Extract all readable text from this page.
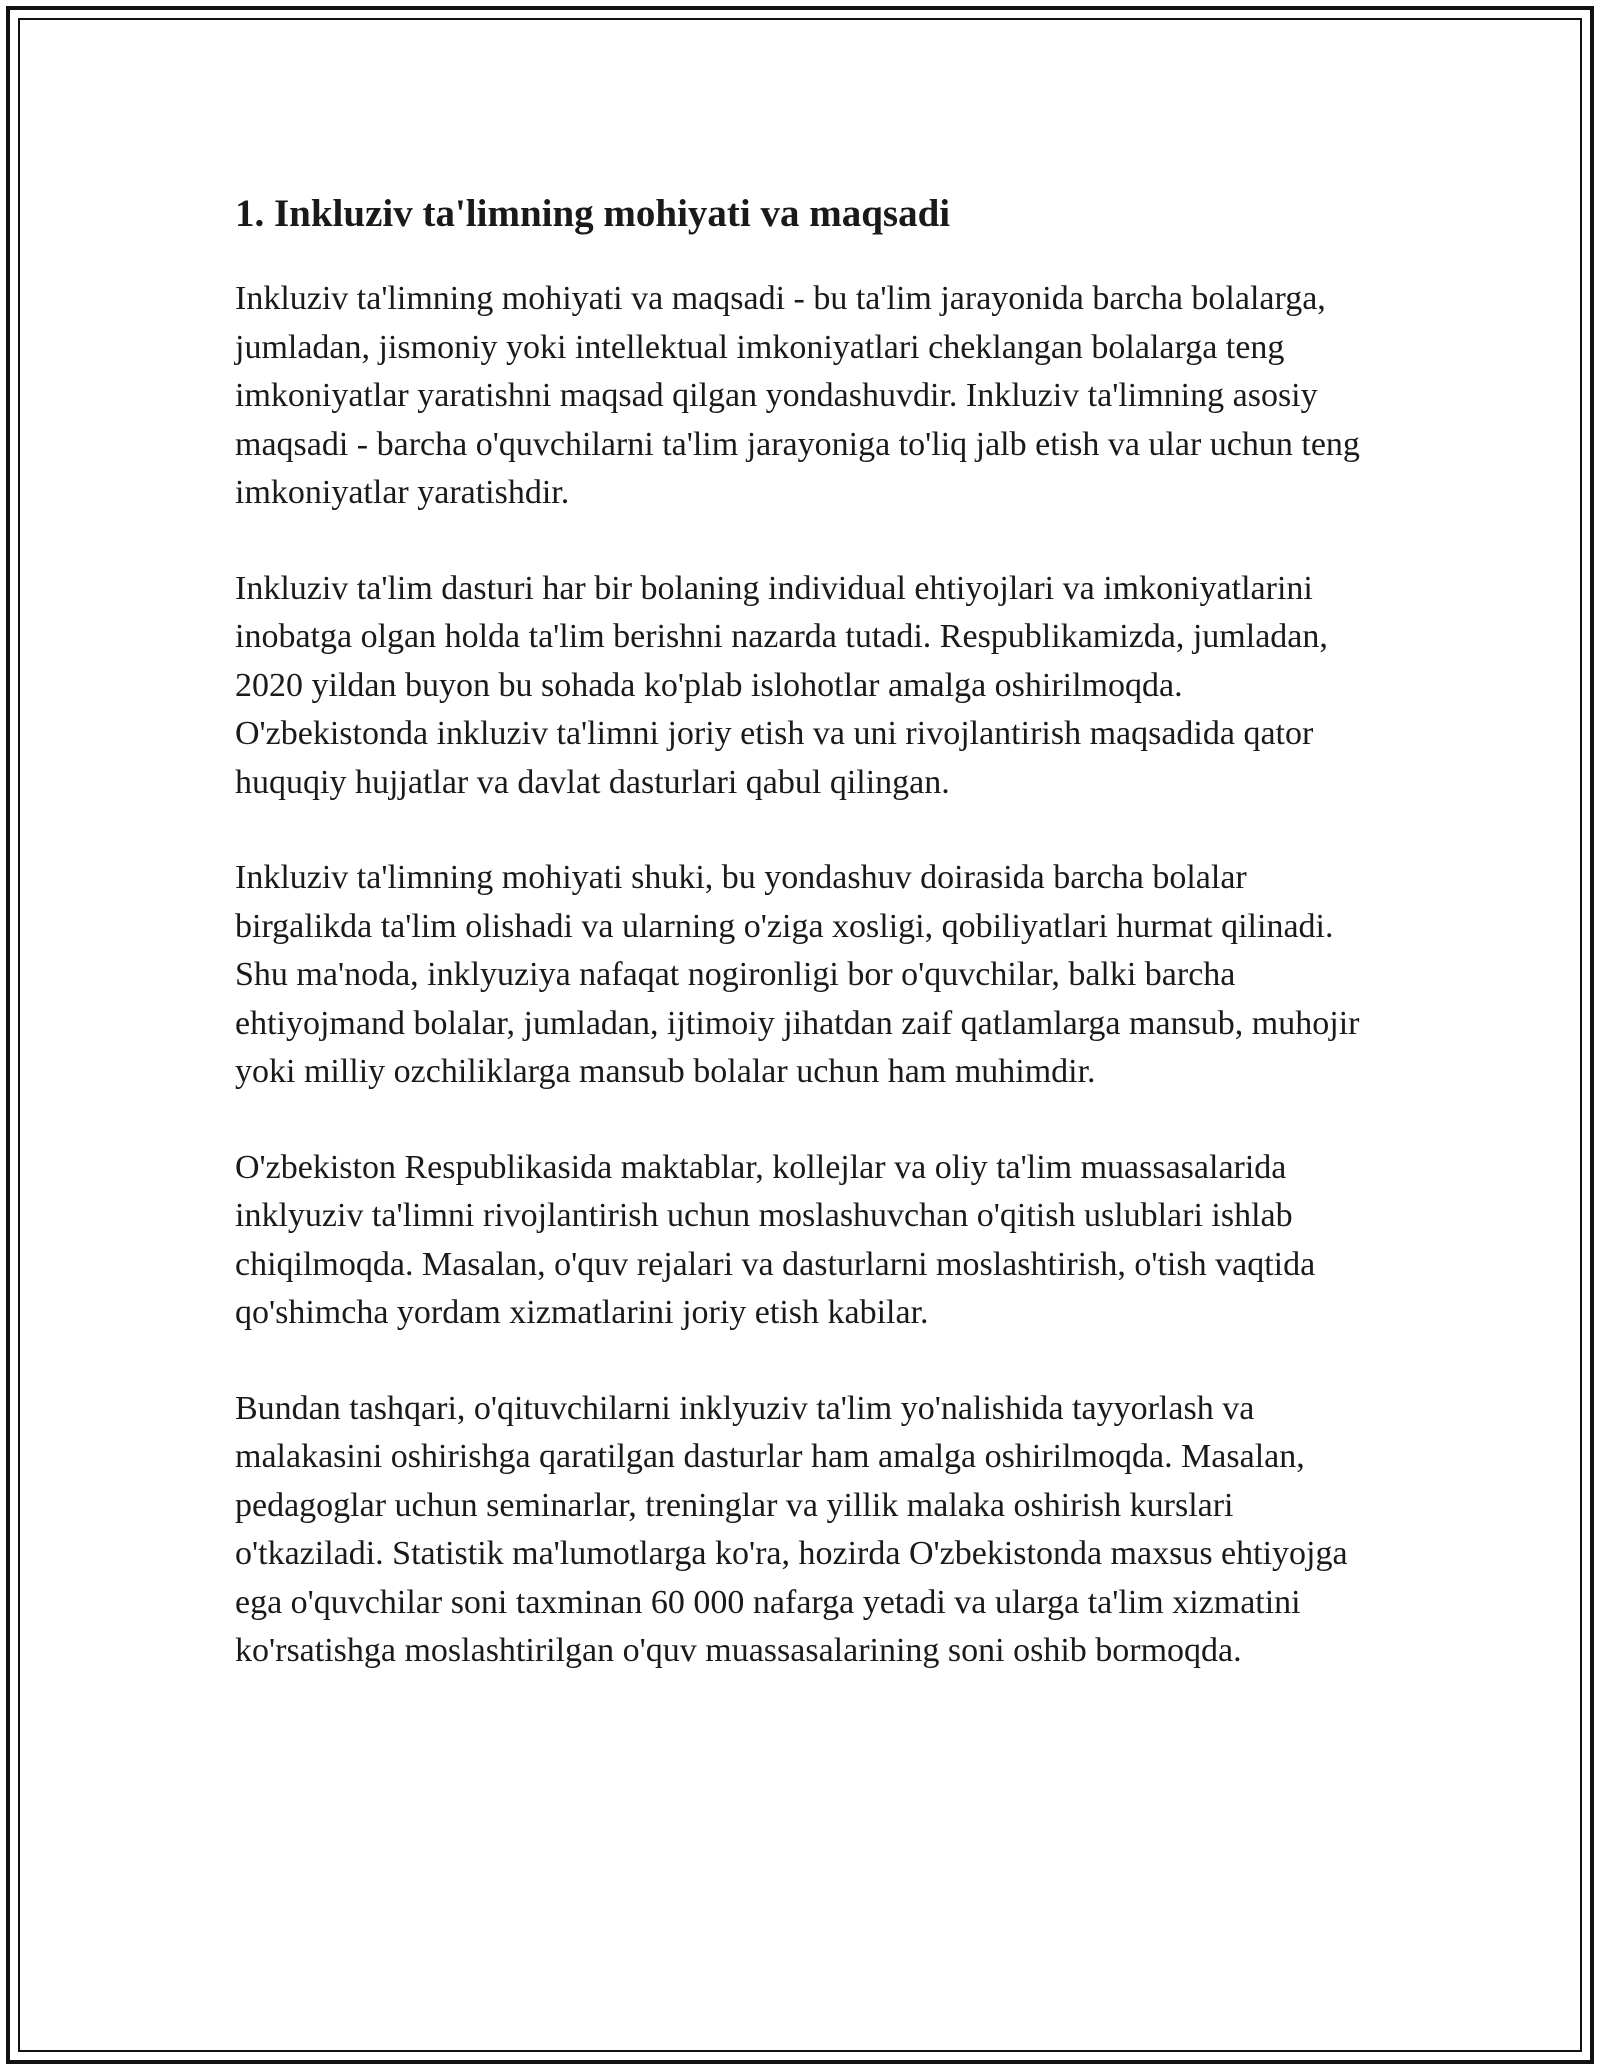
1. Inkluziv ta'limning mohiyati va maqsadi

Inkluziv ta'limning mohiyati va maqsadi - bu ta'lim jarayonida barcha bolalarga, jumladan, jismoniy yoki intellektual imkoniyatlari cheklangan bolalarga teng imkoniyatlar yaratishni maqsad qilgan yondashuvdir. Inkluziv ta'limning asosiy maqsadi - barcha o'quvchilarni ta'lim jarayoniga to'liq jalb etish va ular uchun teng imkoniyatlar yaratishdir.

Inkluziv ta'lim dasturi har bir bolaning individual ehtiyojlari va imkoniyatlarini inobatga olgan holda ta'lim berishni nazarda tutadi. Respublikamizda, jumladan, 2020 yildan buyon bu sohada ko'plab islohotlar amalga oshirilmoqda. O'zbekistonda inkluziv ta'limni joriy etish va uni rivojlantirish maqsadida qator huquqiy hujjatlar va davlat dasturlari qabul qilingan.

Inkluziv ta'limning mohiyati shuki, bu yondashuv doirasida barcha bolalar birgalikda ta'lim olishadi va ularning o'ziga xosligi, qobiliyatlari hurmat qilinadi. Shu ma'noda, inklyuziya nafaqat nogironligi bor o'quvchilar, balki barcha ehtiyojmand bolalar, jumladan, ijtimoiy jihatdan zaif qatlamlarga mansub, muhojir yoki milliy ozchiliklarga mansub bolalar uchun ham muhimdir.

O'zbekiston Respublikasida maktablar, kollejlar va oliy ta'lim muassasalarida inklyuziv ta'limni rivojlantirish uchun moslashuvchan o'qitish uslublari ishlab chiqilmoqda. Masalan, o'quv rejalari va dasturlarni moslashtirish, o'tish vaqtida qo'shimcha yordam xizmatlarini joriy etish kabilar.

Bundan tashqari, o'qituvchilarni inklyuziv ta'lim yo'nalishida tayyorlash va malakasini oshirishga qaratilgan dasturlar ham amalga oshirilmoqda. Masalan, pedagoglar uchun seminarlar, treninglar va yillik malaka oshirish kurslari o'tkaziladi. Statistik ma'lumotlarga ko'ra, hozirda O'zbekistonda maxsus ehtiyojga ega o'quvchilar soni taxminan 60 000 nafarga yetadi va ularga ta'lim xizmatini ko'rsatishga moslashtirilgan o'quv muassasalarining soni oshib bormoqda.
